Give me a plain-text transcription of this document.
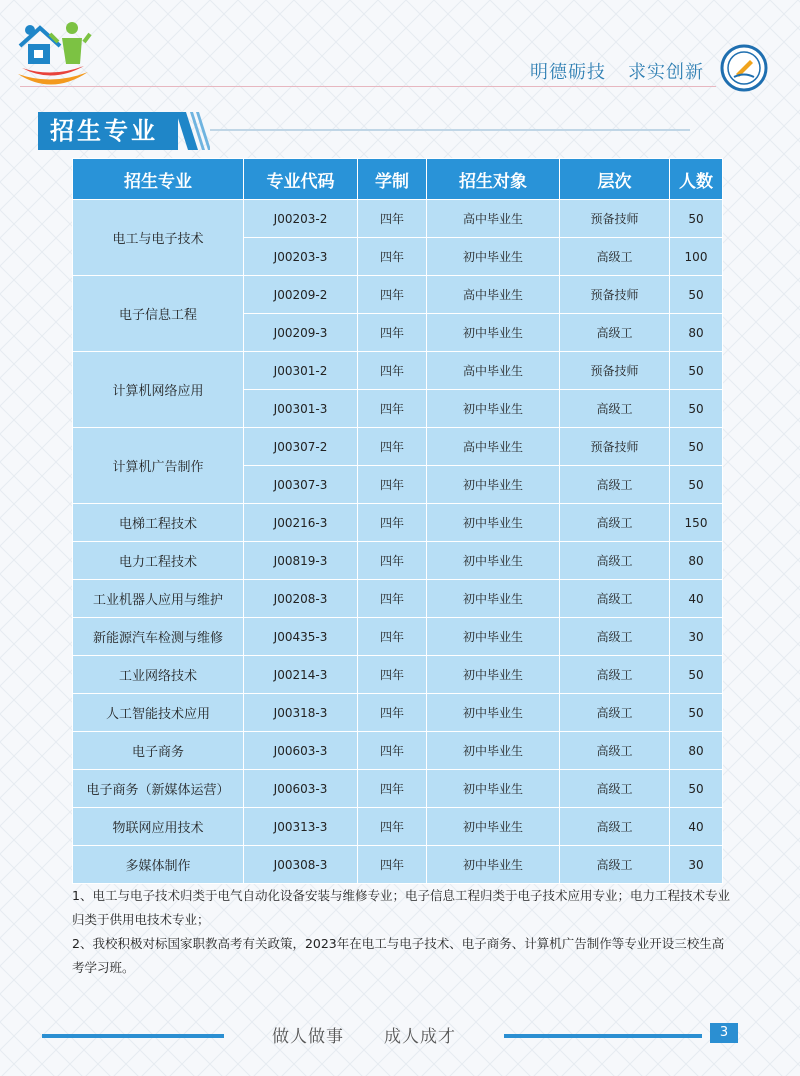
明德砺技 求实创新
招生专业
招生专业	专业代码	学制	招生对象	层次	人数
电工与电子技术	J00203-2	四年	高中毕业生	预备技师	50
	J00203-3	四年	初中毕业生	高级工	100
电子信息工程	J00209-2	四年	高中毕业生	预备技师	50
	J00209-3	四年	初中毕业生	高级工	80
计算机网络应用	J00301-2	四年	高中毕业生	预备技师	50
	J00301-3	四年	初中毕业生	高级工	50
计算机广告制作	J00307-2	四年	高中毕业生	预备技师	50
	J00307-3	四年	初中毕业生	高级工	50
电梯工程技术	J00216-3	四年	初中毕业生	高级工	150
电力工程技术	J00819-3	四年	初中毕业生	高级工	80
工业机器人应用与维护	J00208-3	四年	初中毕业生	高级工	40
新能源汽车检测与维修	J00435-3	四年	初中毕业生	高级工	30
工业网络技术	J00214-3	四年	初中毕业生	高级工	50
人工智能技术应用	J00318-3	四年	初中毕业生	高级工	50
电子商务	J00603-3	四年	初中毕业生	高级工	80
电子商务（新媒体运营）	J00603-3	四年	初中毕业生	高级工	50
物联网应用技术	J00313-3	四年	初中毕业生	高级工	40
多媒体制作	J00308-3	四年	初中毕业生	高级工	30

1、电工与电子技术归类于电气自动化设备安装与维修专业；电子信息工程归类于电子技术应用专业；电力工程技术专业归类于供用电技术专业；

2、我校积极对标国家职教高考有关政策，2023年在电工与电子技术、电子商务、计算机广告制作等专业开设三校生高考学习班。

做人做事 成人成才	3
